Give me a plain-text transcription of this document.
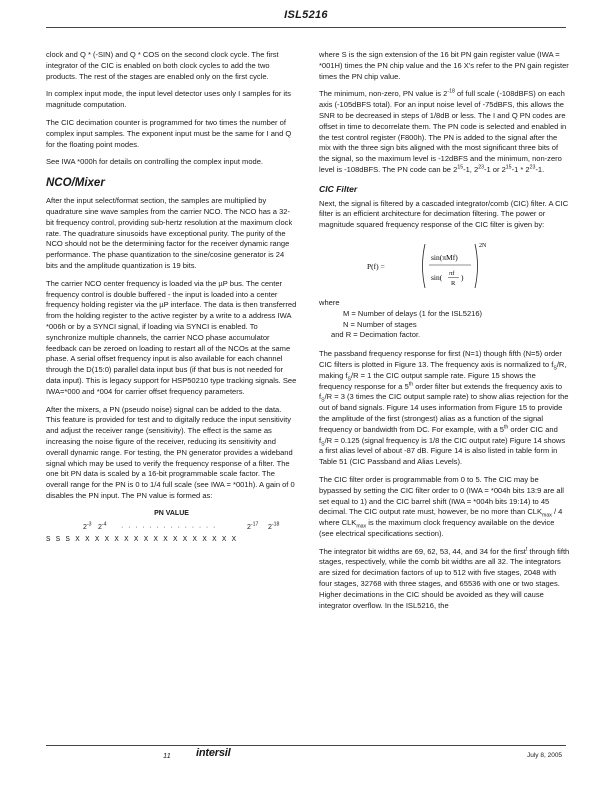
ISL5216

clock and Q * (-SIN) and Q * COS on the second clock cycle. The first integrator of the CIC is enabled on both clock cycles to add the two products. The rest of the stages are enabled only on the first cycle.

In complex input mode, the input level detector uses only I samples for its magnitude computation.

The CIC decimation counter is programmed for two times the number of complex input samples. The exponent input must be the same for I and Q for the floating point modes.

See IWA *000h for details on controlling the complex input mode.

NCO/Mixer

After the input select/format section, the samples are multiplied by quadrature sine wave samples from the carrier NCO. The NCO has a 32-bit frequency control, providing sub-hertz resolution at the maximum clock rate. The quadrature sinusoids have exceptional purity. The purity of the NCO should not be the determining factor for the receiver dynamic range performance. The phase quantization to the sine/cosine generator is 24 bits and the amplitude quantization is 19 bits.

The carrier NCO center frequency is loaded via the µP bus. The center frequency control is double buffered - the input is loaded into a center frequency holding register via the µP interface. The data is then transferred from the holding register to the active register by a write to a address IWA *006h or by a SYNCI signal, if loading via SYNCI is enabled. To synchronize multiple channels, the carrier NCO phase accumulator feedback can be zeroed on loading to restart all of the NCOs at the same phase. A serial offset frequency input is also available for each channel through the D(15:0) parallel data input bus (if that bus is not needed for data input). This is legacy support for HSP50210 type tracking signals. See IWA=*000 and *004 for carrier offset frequency parameters.

After the mixers, a PN (pseudo noise) signal can be added to the data. This feature is provided for test and to digitally reduce the input sensitivity and adjust the receiver range (sensitivity). The effect is the same as increasing the noise figure of the receiver, reducing its sensitivity and overall dynamic range. For testing, the PN generator provides a wideband signal which may be used to verify the frequency response of a filter. The one bit PN data is scaled by a 16-bit programmable scale factor. The overall range for the PN is 0 to 1/4 full scale (see IWA = *001h). A gain of 0 disables the PN input. The PN value is formed as:

PN VALUE
$2^{-3}$ $2^{-4}$ · · · · · · · · · · · · · ·	$2^{-17}$ $2^{-18}$
S S S X X X X X X X X X X X X X X X X X

where S is the sign extension of the 16 bit PN gain register value (IWA = *001H) times the PN chip value and the 16 X's refer to the PN gain register times the PN chip value.

The minimum, non-zero, PN value is $2^{-18}$ of full scale (-108dBFS) on each axis (-105dBFS total). For an input noise level of -75dBFS, this allows the SNR to be decreased in steps of 1/8dB or less. The I and Q PN codes are offset in time to decorrelate them. The PN code is selected and enabled in the test control register (F800h). The PN is added to the signal after the mix with the three sign bits aligned with the most significant three bits of the signal, so the maximum level is -12dBFS and the minimum, non-zero level is -108dBFS. The PN code can be $2^{15}-1$, $2^{23}-1$ or $2^{15}-1 * 2^{23}-1$.

CIC Filter

Next, the signal is filtered by a cascaded integrator/comb (CIC) filter. A CIC filter is an efficient architecture for decimation filtering. The power or magnitude squared frequency response of the CIC filter is given by:

P(f) =
sin(πMf)
sin( πf
R
)
2N
where
M = Number of delays (1 for the ISL5216)
N = Number of stages
and R = Decimation factor.

The passband frequency response for first (N=1) though fifth (N=5) order CIC filters is plotted in Figure 13. The frequency axis is normalized to $f_S/R$, making $f_S/R = 1$ the CIC output sample rate. Figure 15 shows the frequency response for a 5th order filter but extends the frequency axis to $f_S/R = 3$ (3 times the CIC output sample rate) to show alias rejection for the out of band signals. Figure 14 uses information from Figure 15 to provide the amplitude of the first (strongest) alias as a function of the signal frequency or bandwidth from DC. For example, with a 5th order CIC and $f_S/R = 0.125$ (signal frequency is 1/8 the CIC output rate) Figure 14 shows a first alias level of about -87 dB. Figure 14 is also listed in table form in Table 51 (CIC Passband and Alias Levels).

The CIC filter order is programmable from 0 to 5. The CIC may be bypassed by setting the CIC filter order to 0 (IWA = *004h bits 13:9 are all set equal to 1) and the CIC barrel shift (IWA = *004h bits 19:14) to 45 decimal. The CIC output rate must, however, be no more than $CLK_{max} / 4$ where $CLK_{max}$ is the maximum clock frequency available on the device (see electrical specifications section).

The integrator bit widths are 69, 62, 53, 44, and 34 for the first$^t$ through fifth stages, respectively, while the comb bit widths are all 32. The integrators are sized for decimation factors of up to 512 with five stages, 2048 with four stages, 32768 with three stages, and 65536 with one or two stages. Higher decimations in the CIC should be avoided as they will cause integrator overflow. In the ISL5216, the

11 intersil	July 8, 2005
